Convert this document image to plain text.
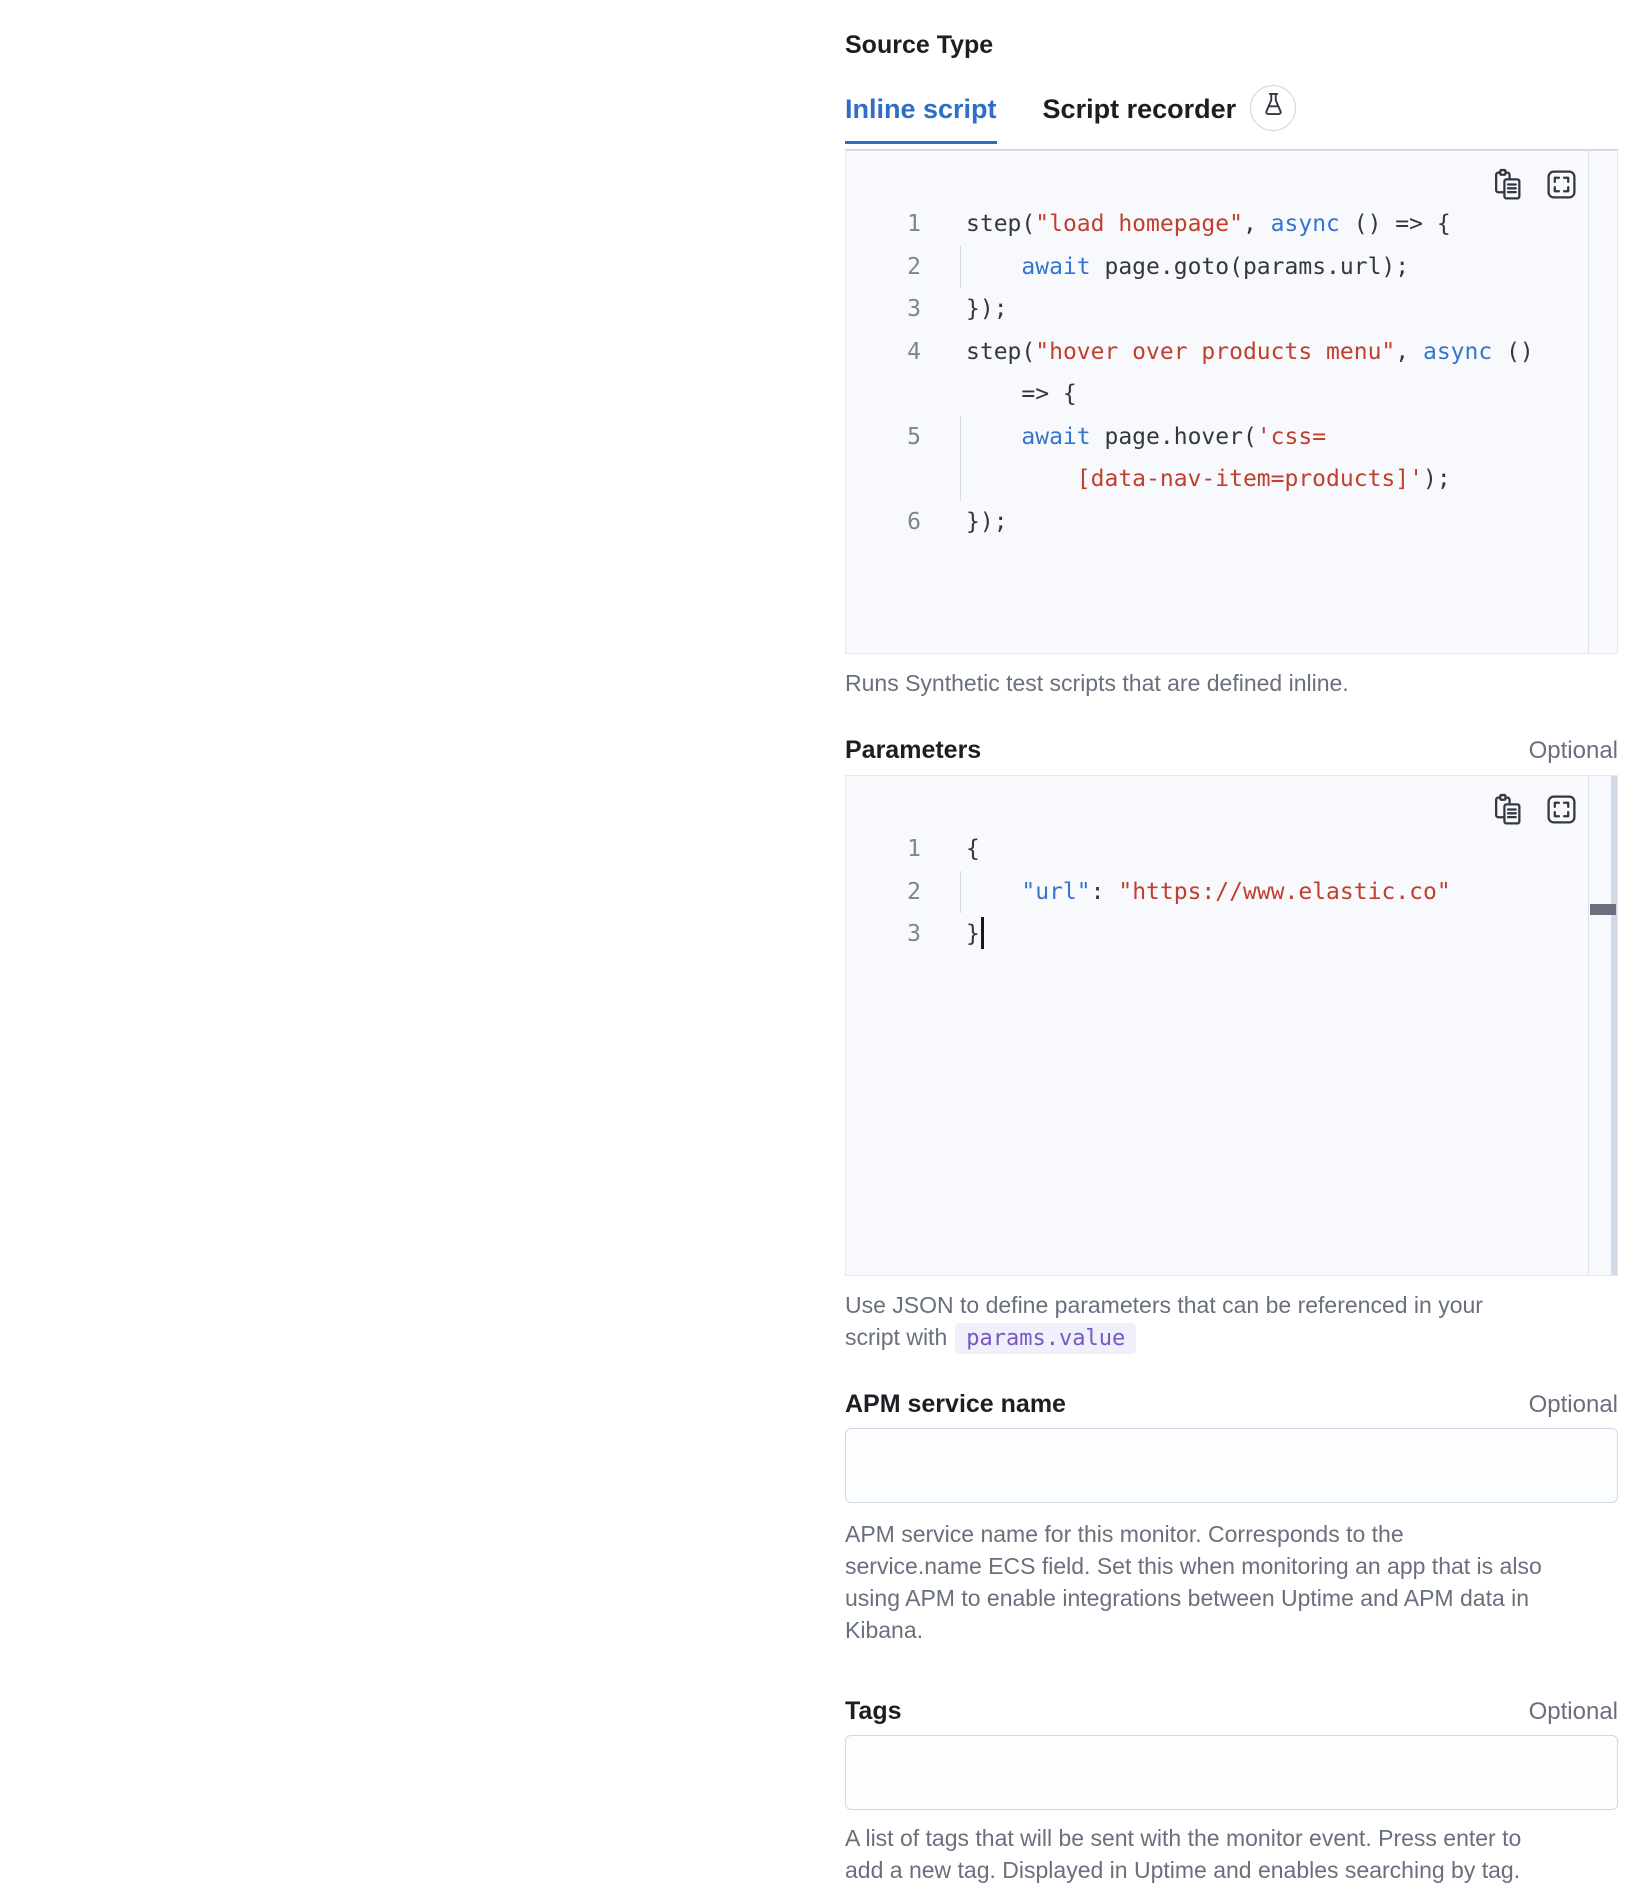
Source Type
Inline script Script recorder
1 step("load homepage", async () => {
2	await page.goto(params.url);
3 });
4 step("hover over products menu", async ()
=> {
5	await page.hover('css=
[data-nav-item=products]');
6 });
Runs Synthetic test scripts that are defined inline.
Parameters	Optional
1 {
2	"url": "https://www.elastic.co"
3 }
Use JSON to define parameters that can be referenced in your
script with params.value
APM service name	Optional
APM service name for this monitor. Corresponds to the
service.name ECS field. Set this when monitoring an app that is also
using APM to enable integrations between Uptime and APM data in
Kibana.
Tags	Optional
A list of tags that will be sent with the monitor event. Press enter to
add a new tag. Displayed in Uptime and enables searching by tag.
